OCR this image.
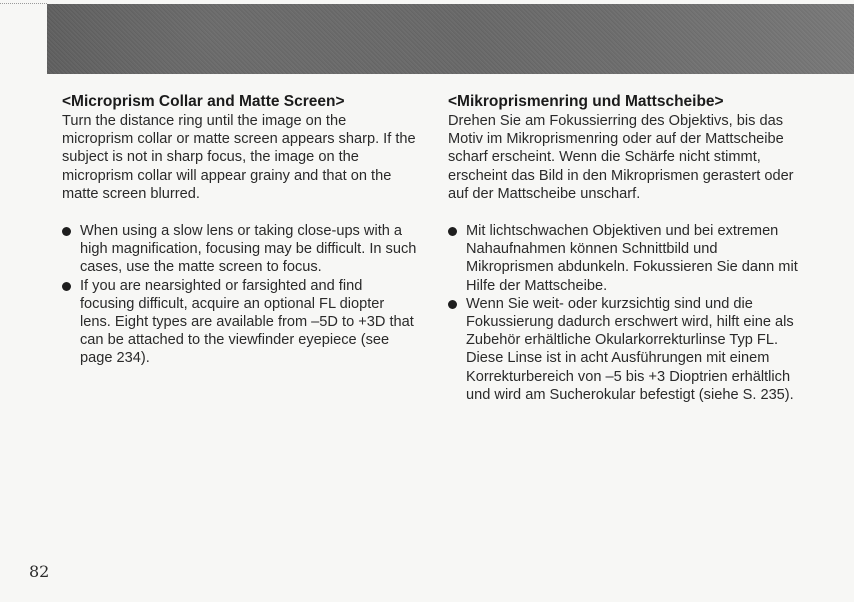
<Microprism Collar and Matte Screen>

Turn the distance ring until the image on the microprism collar or matte screen appears sharp. If the subject is not in sharp focus, the image on the microprism collar will appear grainy and that on the matte screen blurred.

When using a slow lens or taking close-ups with a high magnification, focusing may be difficult. In such cases, use the matte screen to focus.
If you are nearsighted or farsighted and find focusing difficult, acquire an optional FL diopter lens. Eight types are available from –5D to +3D that can be attached to the viewfinder eyepiece (see page 234).
<Mikroprismenring und Mattscheibe>

Drehen Sie am Fokussierring des Objektivs, bis das Motiv im Mikroprismenring oder auf der Mattscheibe scharf erscheint. Wenn die Schärfe nicht stimmt, erscheint das Bild in den Mikroprismen gerastert oder auf der Mattscheibe unscharf.

Mit lichtschwachen Objektiven und bei extremen Nahaufnahmen können Schnittbild und Mikroprismen abdunkeln. Fokussieren Sie dann mit Hilfe der Mattscheibe.
Wenn Sie weit- oder kurzsichtig sind und die Fokussierung dadurch erschwert wird, hilft eine als Zubehör erhältliche Okularkorrekturlinse Typ FL. Diese Linse ist in acht Ausführungen mit einem Korrekturbereich von –5 bis +3 Dioptrien erhältlich und wird am Sucherokular befestigt (siehe S. 235).
82
